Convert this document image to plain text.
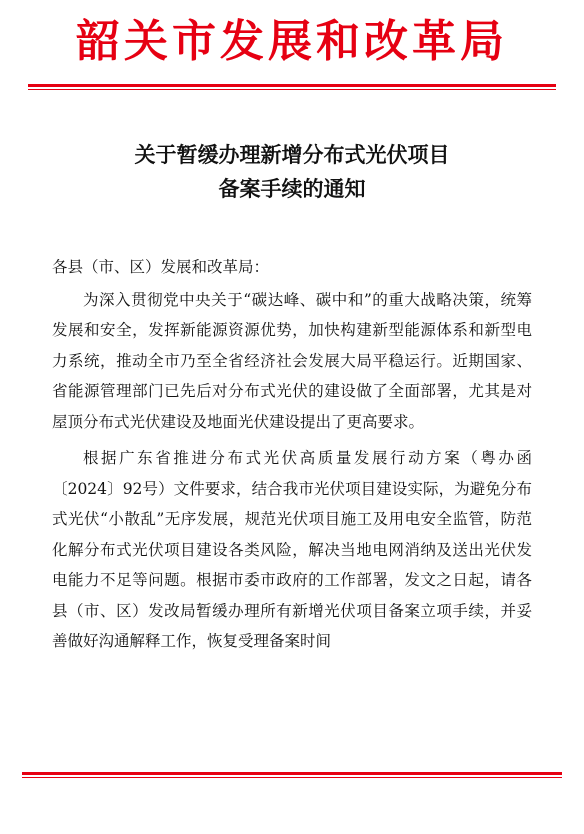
韶关市发展和改革局
关于暂缓办理新增分布式光伏项目
备案手续的通知
各县（市、区）发展和改革局：

为深入贯彻党中央关于“碳达峰、碳中和”的重大战略决策，统筹发展和安全，发挥新能源资源优势，加快构建新型能源体系和新型电力系统，推动全市乃至全省经济社会发展大局平稳运行。近期国家、省能源管理部门已先后对分布式光伏的建设做了全面部署，尤其是对屋顶分布式光伏建设及地面光伏建设提出了更高要求。

根据广东省推进分布式光伏高质量发展行动方案（粤办函〔2024〕92号）文件要求，结合我市光伏项目建设实际，为避免分布式光伏“小散乱”无序发展，规范光伏项目施工及用电安全监管，防范化解分布式光伏项目建设各类风险，解决当地电网消纳及送出光伏发电能力不足等问题。根据市委市政府的工作部署，发文之日起，请各县（市、区）发改局暂缓办理所有新增光伏项目备案立项手续，并妥善做好沟通解释工作，恢复受理备案时间
